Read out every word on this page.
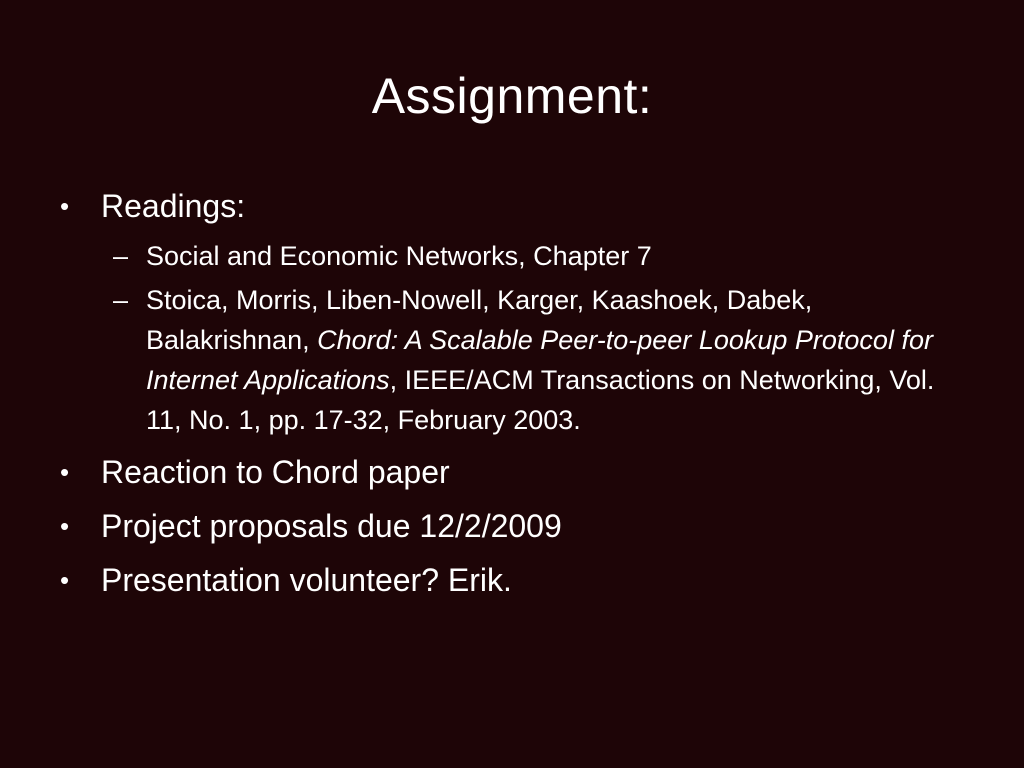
Assignment:
• Readings:
– Social and Economic Networks, Chapter 7
– Stoica, Morris, Liben-Nowell, Karger, Kaashoek, Dabek, Balakrishnan, Chord: A Scalable Peer-to-peer Lookup Protocol for Internet Applications, IEEE/ACM Transactions on Networking, Vol. 11, No. 1, pp. 17-32, February 2003.
• Reaction to Chord paper
• Project proposals due 12/2/2009
• Presentation volunteer? Erik.
